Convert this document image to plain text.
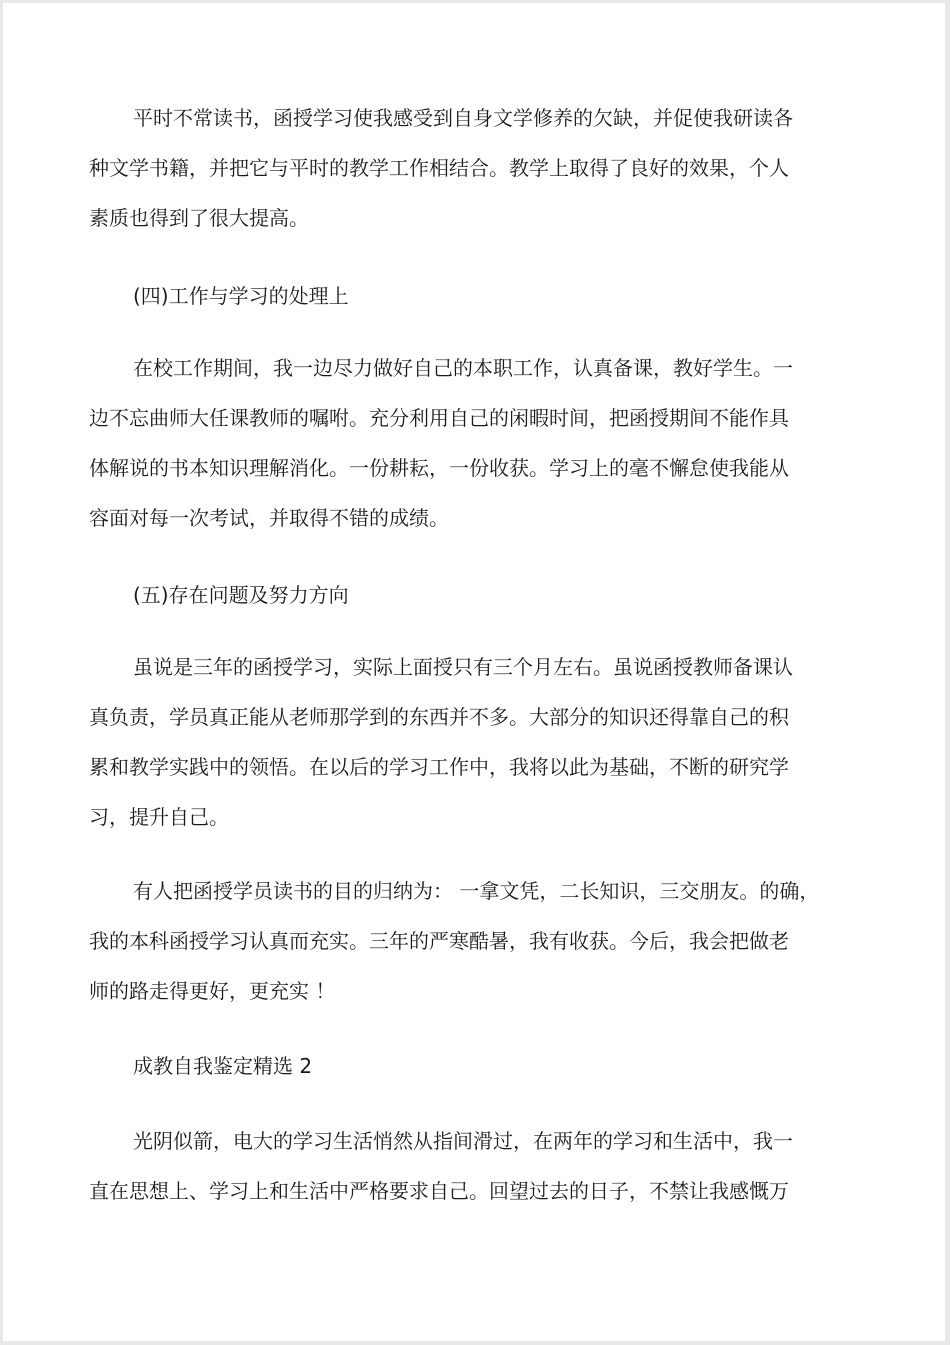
平时不常读书，函授学习使我感受到自身文学修养的欠缺，并促使我研读各

种文学书籍，并把它与平时的教学工作相结合。教学上取得了良好的效果，个人

素质也得到了很大提高。

(四)工作与学习的处理上

在校工作期间，我一边尽力做好自己的本职工作，认真备课，教好学生。一

边不忘曲师大任课教师的嘱咐。充分利用自己的闲暇时间，把函授期间不能作具

体解说的书本知识理解消化。一份耕耘，一份收获。学习上的毫不懈怠使我能从

容面对每一次考试，并取得不错的成绩。

(五)存在问题及努力方向

虽说是三年的函授学习，实际上面授只有三个月左右。虽说函授教师备课认

真负责，学员真正能从老师那学到的东西并不多。大部分的知识还得靠自己的积

累和教学实践中的领悟。在以后的学习工作中，我将以此为基础，不断的研究学

习，提升自己。

有人把函授学员读书的目的归纳为： 一拿文凭，二长知识，三交朋友。的确，

我的本科函授学习认真而充实。三年的严寒酷暑，我有收获。今后，我会把做老

师的路走得更好，更充实 ！

成教自我鉴定精选 2

光阴似箭，电大的学习生活悄然从指间滑过，在两年的学习和生活中，我一

直在思想上、学习上和生活中严格要求自己。回望过去的日子，不禁让我感慨万
